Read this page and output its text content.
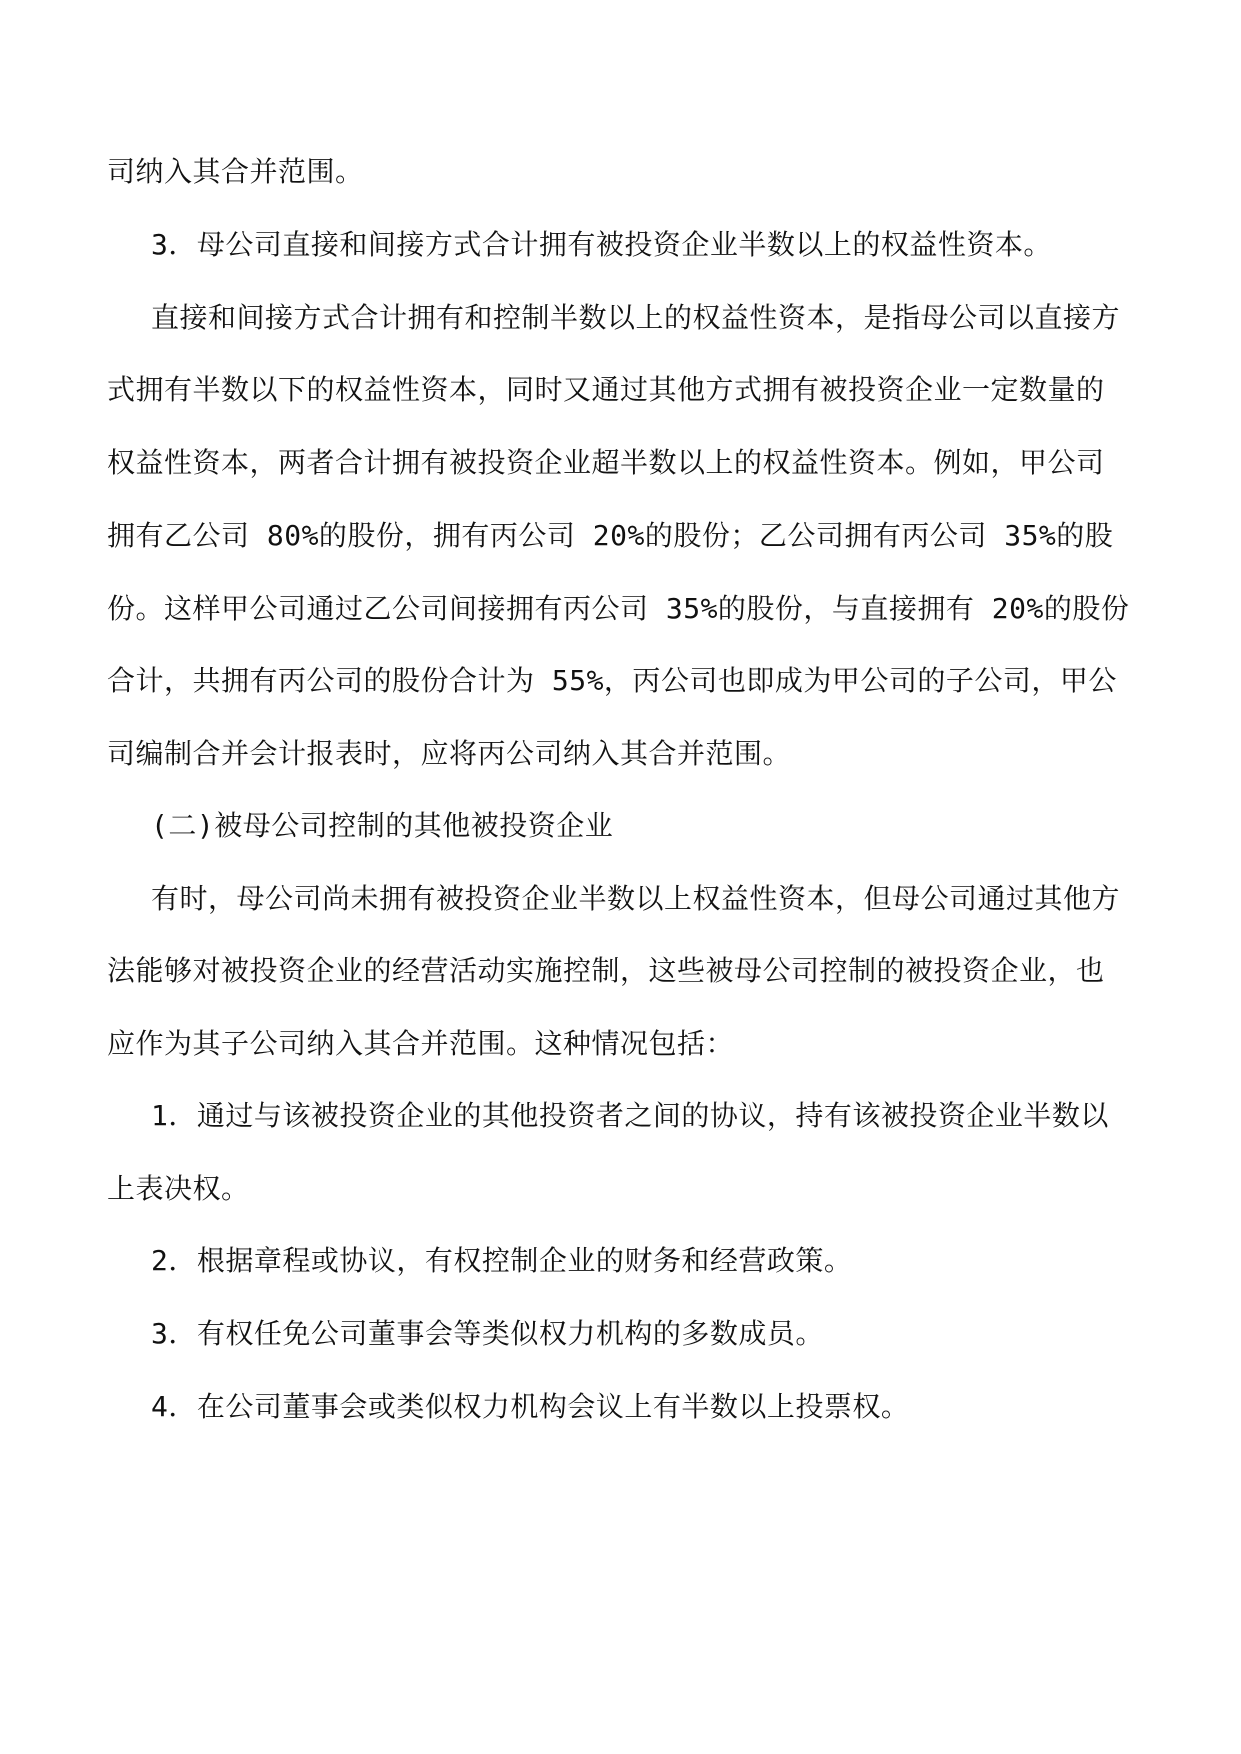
司纳入其合并范围。
3．母公司直接和间接方式合计拥有被投资企业半数以上的权益性资本。
直接和间接方式合计拥有和控制半数以上的权益性资本，是指母公司以直接方
式拥有半数以下的权益性资本，同时又通过其他方式拥有被投资企业一定数量的
权益性资本，两者合计拥有被投资企业超半数以上的权益性资本。例如，甲公司
拥有乙公司 80%的股份，拥有丙公司 20%的股份；乙公司拥有丙公司 35%的股
份。这样甲公司通过乙公司间接拥有丙公司 35%的股份，与直接拥有 20%的股份
合计，共拥有丙公司的股份合计为 55%，丙公司也即成为甲公司的子公司，甲公
司编制合并会计报表时，应将丙公司纳入其合并范围。
(二)被母公司控制的其他被投资企业
有时，母公司尚未拥有被投资企业半数以上权益性资本，但母公司通过其他方
法能够对被投资企业的经营活动实施控制，这些被母公司控制的被投资企业，也
应作为其子公司纳入其合并范围。这种情况包括：
1．通过与该被投资企业的其他投资者之间的协议，持有该被投资企业半数以
上表决权。
2．根据章程或协议，有权控制企业的财务和经营政策。
3．有权任免公司董事会等类似权力机构的多数成员。
4．在公司董事会或类似权力机构会议上有半数以上投票权。
